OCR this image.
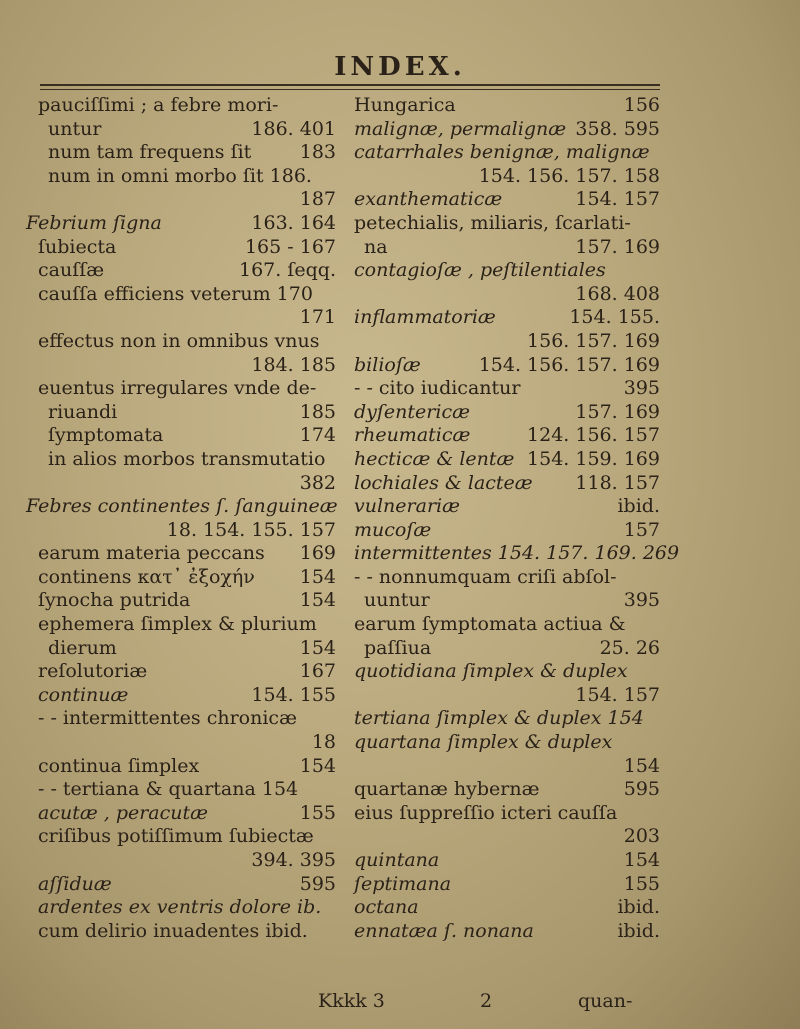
INDEX.
pauciſſimi ; a febre mori-
untur	186. 401
num tam frequens ſit	183
num in omni morbo ſit 186.
187
Febrium ſigna	163. 164
ſubiecta	165 - 167
cauſſæ	167. ſeqq.
cauſſa efficiens veterum 170
171
effectus non in omnibus vnus
184. 185
euentus irregulares vnde de-
riuandi	185
ſymptomata	174
in alios morbos transmutatio
382
Febres continentes ſ. ſanguineæ
18. 154. 155. 157
earum materia peccans 169
continens κατ᾽ ἐξοχήν 154
ſynocha putrida	154
ephemera ſimplex & plurium
dierum	154
reſolutoriæ	167
continuæ	154. 155
- - intermittentes chronicæ
18
continua ſimplex	154
- - tertiana & quartana 154
acutæ , peracutæ	155
criſibus potiſſimum ſubiectæ
394. 395
aſſiduæ	595
ardentes ex ventris dolore ib.
cum delirio inuadentes ibid.
Hungarica	156
malignæ, permalignæ 358. 595
catarrhales benignæ, malignæ
154. 156. 157. 158
exanthematicæ	154. 157
petechialis, miliaris, ſcarlati-
na	157. 169
contagioſæ , peſtilentiales
168. 408
inflammatoriæ	154. 155.
156. 157. 169
bilioſæ	154. 156. 157. 169
- - cito iudicantur	395
dyſentericæ	157. 169
rheumaticæ	124. 156. 157
hecticæ & lentæ 154. 159. 169
lochiales & lacteæ 118. 157
vulnerariæ	ibid.
mucoſæ	157
intermittentes 154. 157. 169. 269
- - nonnumquam criſi abſol-
uuntur	395
earum ſymptomata actiua &
paſſiua	25. 26
quotidiana ſimplex & duplex
154. 157
tertiana ſimplex & duplex 154
quartana ſimplex & duplex
154
quartanæ hybernæ	595
eius ſuppreſſio icteri cauſſa
203
quintana	154
ſeptimana	155
octana	ibid.
ennatæa ſ. nonana	ibid.
Kkkk 3	2	quan-
